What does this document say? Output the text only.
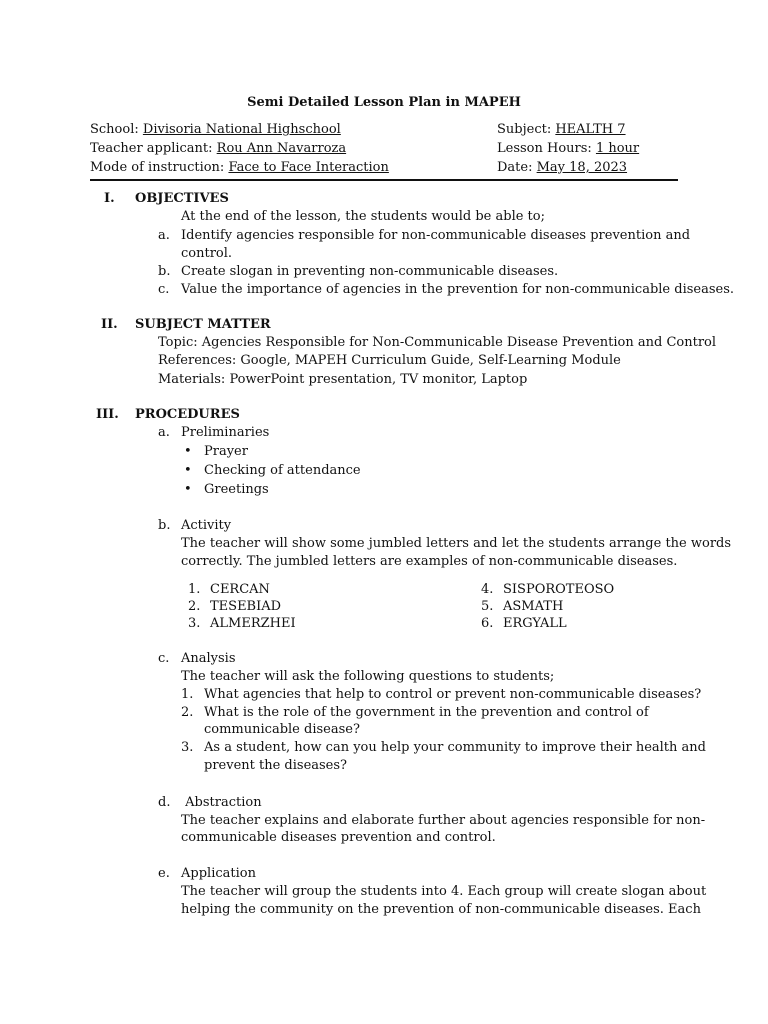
Semi Detailed Lesson Plan in MAPEH
School: Divisoria National Highschool
Teacher applicant: Rou Ann Navarroza
Mode of instruction: Face to Face Interaction
Subject: HEALTH 7
Lesson Hours: 1 hour
Date: May 18, 2023
I. OBJECTIVES
At the end of the lesson, the students would be able to;
a. Identify agencies responsible for non-communicable diseases prevention and
control.
b. Create slogan in preventing non-communicable diseases.
c. Value the importance of agencies in the prevention for non-communicable diseases.
II. SUBJECT MATTER
Topic: Agencies Responsible for Non-Communicable Disease Prevention and Control
References: Google, MAPEH Curriculum Guide, Self-Learning Module
Materials: PowerPoint presentation, TV monitor, Laptop
III. PROCEDURES
a. Preliminaries
• Prayer
• Checking of attendance
• Greetings
b. Activity
The teacher will show some jumbled letters and let the students arrange the words
correctly. The jumbled letters are examples of non-communicable diseases.
1. CERCAN
2. TESEBIAD
3. ALMERZHEI
4. SISPOROTEOSO
5. ASMATH
6. ERGYALL
c. Analysis
The teacher will ask the following questions to students;
1. What agencies that help to control or prevent non-communicable diseases?
2. What is the role of the government in the prevention and control of
communicable disease?
3. As a student, how can you help your community to improve their health and
prevent the diseases?
d. Abstraction
The teacher explains and elaborate further about agencies responsible for non-
communicable diseases prevention and control.
e. Application
The teacher will group the students into 4. Each group will create slogan about
helping the community on the prevention of non-communicable diseases. Each
